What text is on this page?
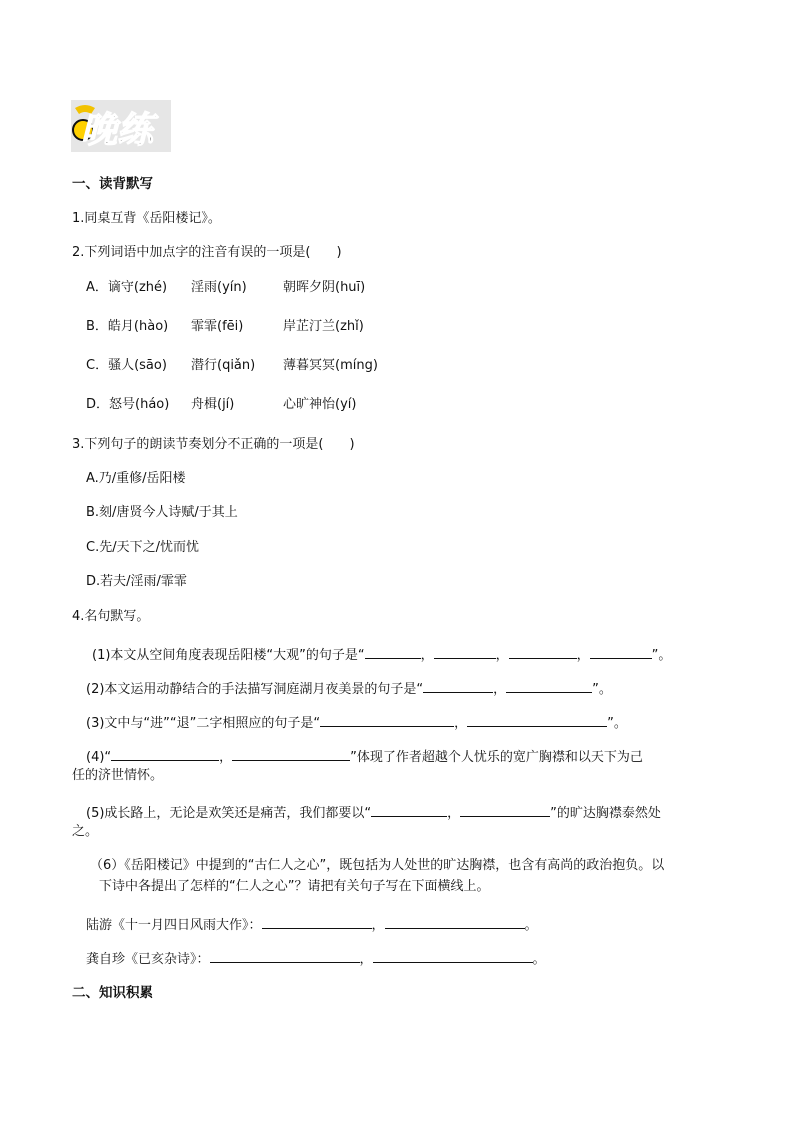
晚练
一、读背默写
1.同桌互背《岳阳楼记》。
2.下列词语中加点字的注音有误的一项是(　　)
A．谪守(zhé) 淫雨(yín)	朝晖夕阴(huī)
B．皓月(hào) 霏霏(fēi)	岸芷汀兰(zhǐ)
C．骚人(sāo) 潜行(qiǎn) 薄暮冥冥(míng)
D．怒号(háo) 舟楫(jí)	心旷神怡(yí)
3.下列句子的朗读节奏划分不正确的一项是(　　)
A.乃/重修/岳阳楼
B.刻/唐贤今人诗赋/于其上
C.先/天下之/忧而忧
D.若夫/淫雨/霏霏
4.名句默写。
(1)本文从空间角度表现岳阳楼“大观”的句子是“	，	，	，	”。
(2)本文运用动静结合的手法描写洞庭湖月夜美景的句子是“	，	”。
(3)文中与“进”“退”二字相照应的句子是“	，	”。
(4)“	，	”体现了作者超越个人忧乐的宽广胸襟和以天下为己
任的济世情怀。
(5)成长路上，无论是欢笑还是痛苦，我们都要以“	，	”的旷达胸襟泰然处
之。
（6）《岳阳楼记》中提到的“古仁人之心”，既包括为人处世的旷达胸襟，也含有高尚的政治抱负。以
下诗中各提出了怎样的“仁人之心”？请把有关句子写在下面横线上。
陆游《十一月四日风雨大作》：	，	。
龚自珍《已亥杂诗》：	，	。
二、知识积累
